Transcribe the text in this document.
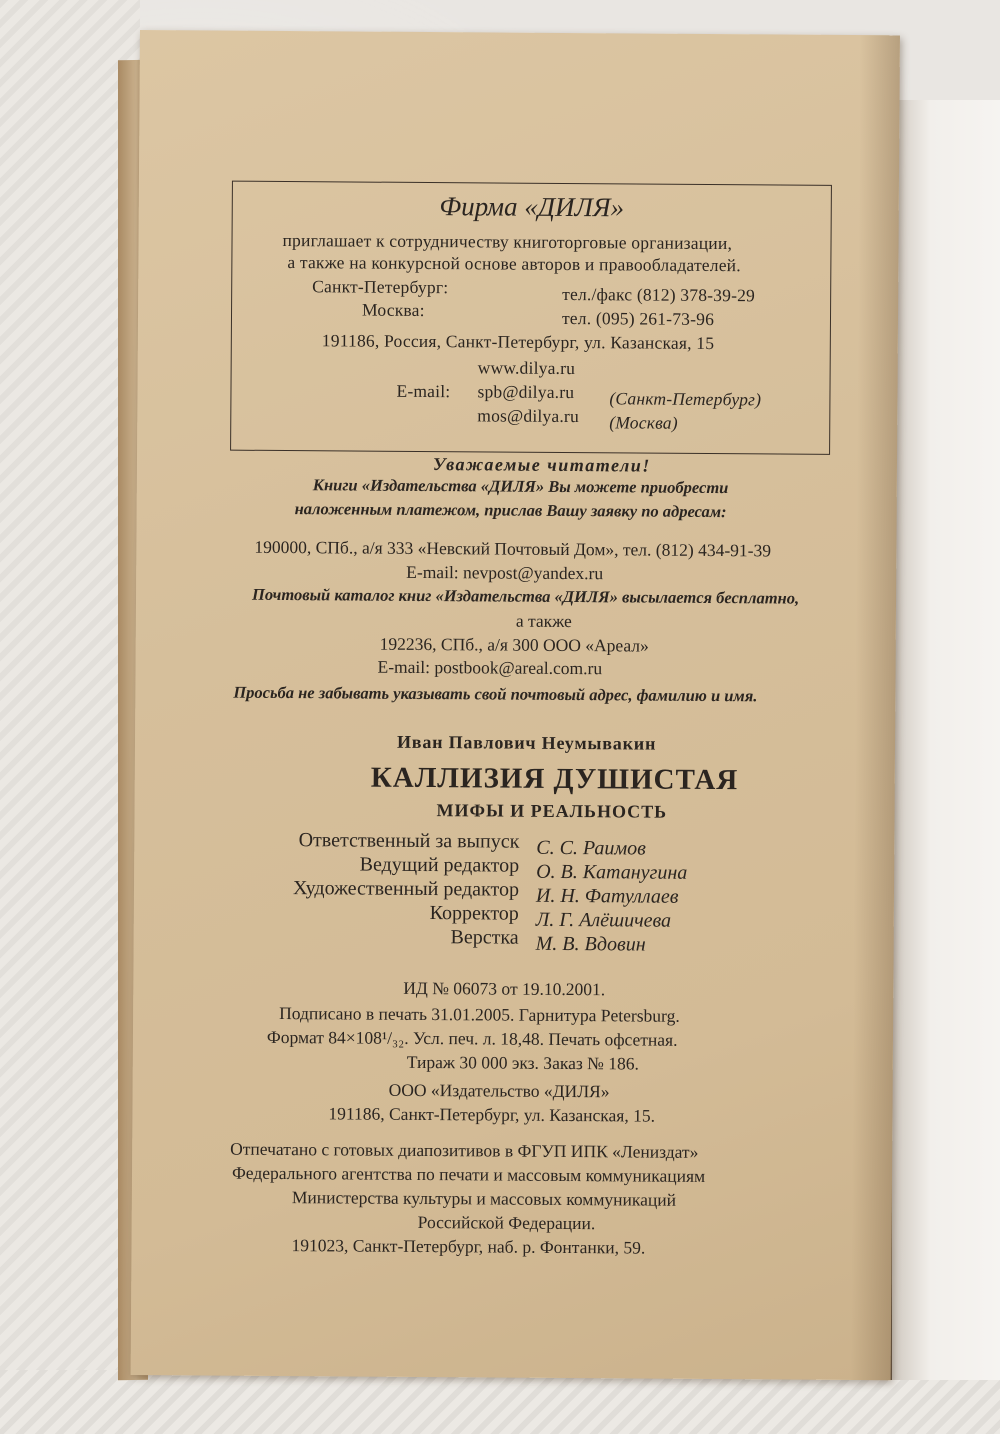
Фирма «ДИЛЯ»
приглашает к сотрудничеству книготорговые организации,
а также на конкурсной основе авторов и правообладателей.
Санкт-Петербург:	тел./факс (812) 378-39-29
Москва:	тел. (095) 261-73-96
191186, Россия, Санкт-Петербург, ул. Казанская, 15
www.dilya.ru
E-mail: spb@dilya.ru (Санкт-Петербург)
mos@dilya.ru (Москва)
Уважаемые читатели!
Книги «Издательства «ДИЛЯ» Вы можете приобрести
наложенным платежом, прислав Вашу заявку по адресам:
190000, СПб., а/я 333 «Невский Почтовый Дом», тел. (812) 434-91-39
E-mail: nevpost@yandex.ru
Почтовый каталог книг «Издательства «ДИЛЯ» высылается бесплатно,
а также
192236, СПб., а/я 300 ООО «Ареал»
E-mail: postbook@areal.com.ru
Просьба не забывать указывать свой почтовый адрес, фамилию и имя.
Иван Павлович Неумывакин
КАЛЛИЗИЯ ДУШИСТАЯ
МИФЫ И РЕАЛЬНОСТЬ
Ответственный за выпуск С. С. Раимов
Ведущий редактор О. В. Катанугина
Художественный редактор И. Н. Фатуллаев
Корректор Л. Г. Алёшичева
Верстка М. В. Вдовин
ИД № 06073 от 19.10.2001.
Подписано в печать 31.01.2005. Гарнитура Petersburg.
Формат 84×108¹/₃₂. Усл. печ. л. 18,48. Печать офсетная.
Тираж 30 000 экз. Заказ № 186.
ООО «Издательство «ДИЛЯ»
191186, Санкт-Петербург, ул. Казанская, 15.
Отпечатано с готовых диапозитивов в ФГУП ИПК «Лениздат»
Федерального агентства по печати и массовым коммуникациям
Министерства культуры и массовых коммуникаций
Российской Федерации.
191023, Санкт-Петербург, наб. р. Фонтанки, 59.
